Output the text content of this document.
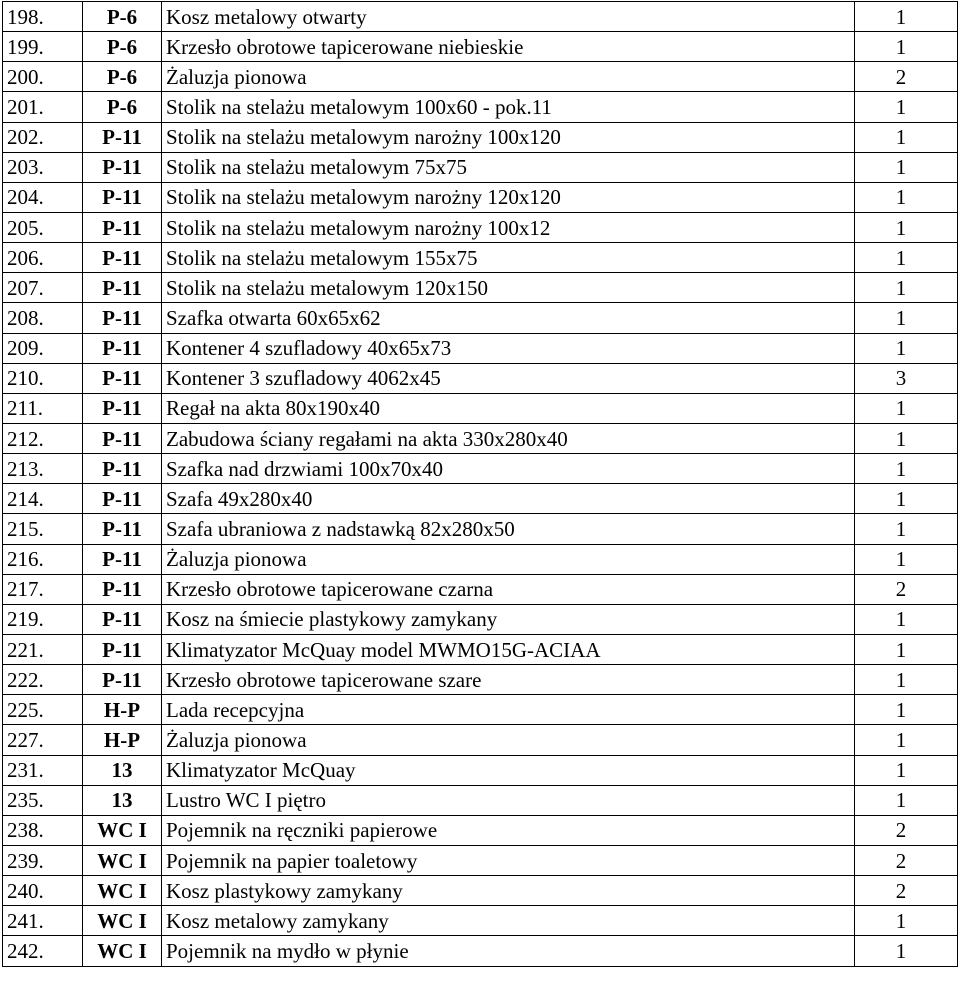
198.	P-6	Kosz metalowy otwarty	1
199.	P-6	Krzesło obrotowe tapicerowane niebieskie	1
200.	P-6	Żaluzja pionowa	2
201.	P-6	Stolik na stelażu metalowym 100x60 - pok.11	1
202.	P-11	Stolik na stelażu metalowym narożny 100x120	1
203.	P-11	Stolik na stelażu metalowym 75x75	1
204.	P-11	Stolik na stelażu metalowym narożny 120x120	1
205.	P-11	Stolik na stelażu metalowym narożny 100x12	1
206.	P-11	Stolik na stelażu metalowym 155x75	1
207.	P-11	Stolik na stelażu metalowym 120x150	1
208.	P-11	Szafka otwarta 60x65x62	1
209.	P-11	Kontener 4 szufladowy 40x65x73	1
210.	P-11	Kontener 3 szufladowy 4062x45	3
211.	P-11	Regał na akta 80x190x40	1
212.	P-11	Zabudowa ściany regałami na akta 330x280x40	1
213.	P-11	Szafka nad drzwiami 100x70x40	1
214.	P-11	Szafa 49x280x40	1
215.	P-11	Szafa ubraniowa z nadstawką 82x280x50	1
216.	P-11	Żaluzja pionowa	1
217.	P-11	Krzesło obrotowe tapicerowane czarna	2
219.	P-11	Kosz na śmiecie plastykowy zamykany	1
221.	P-11	Klimatyzator McQuay model MWMO15G-ACIAA	1
222.	P-11	Krzesło obrotowe tapicerowane szare	1
225.	H-P	Lada recepcyjna	1
227.	H-P	Żaluzja pionowa	1
231.	13	Klimatyzator McQuay	1
235.	13	Lustro WC I piętro	1
238.	WC I	Pojemnik na ręczniki papierowe	2
239.	WC I	Pojemnik na papier toaletowy	2
240.	WC I	Kosz plastykowy zamykany	2
241.	WC I	Kosz metalowy zamykany	1
242.	WC I	Pojemnik na mydło w płynie	1
